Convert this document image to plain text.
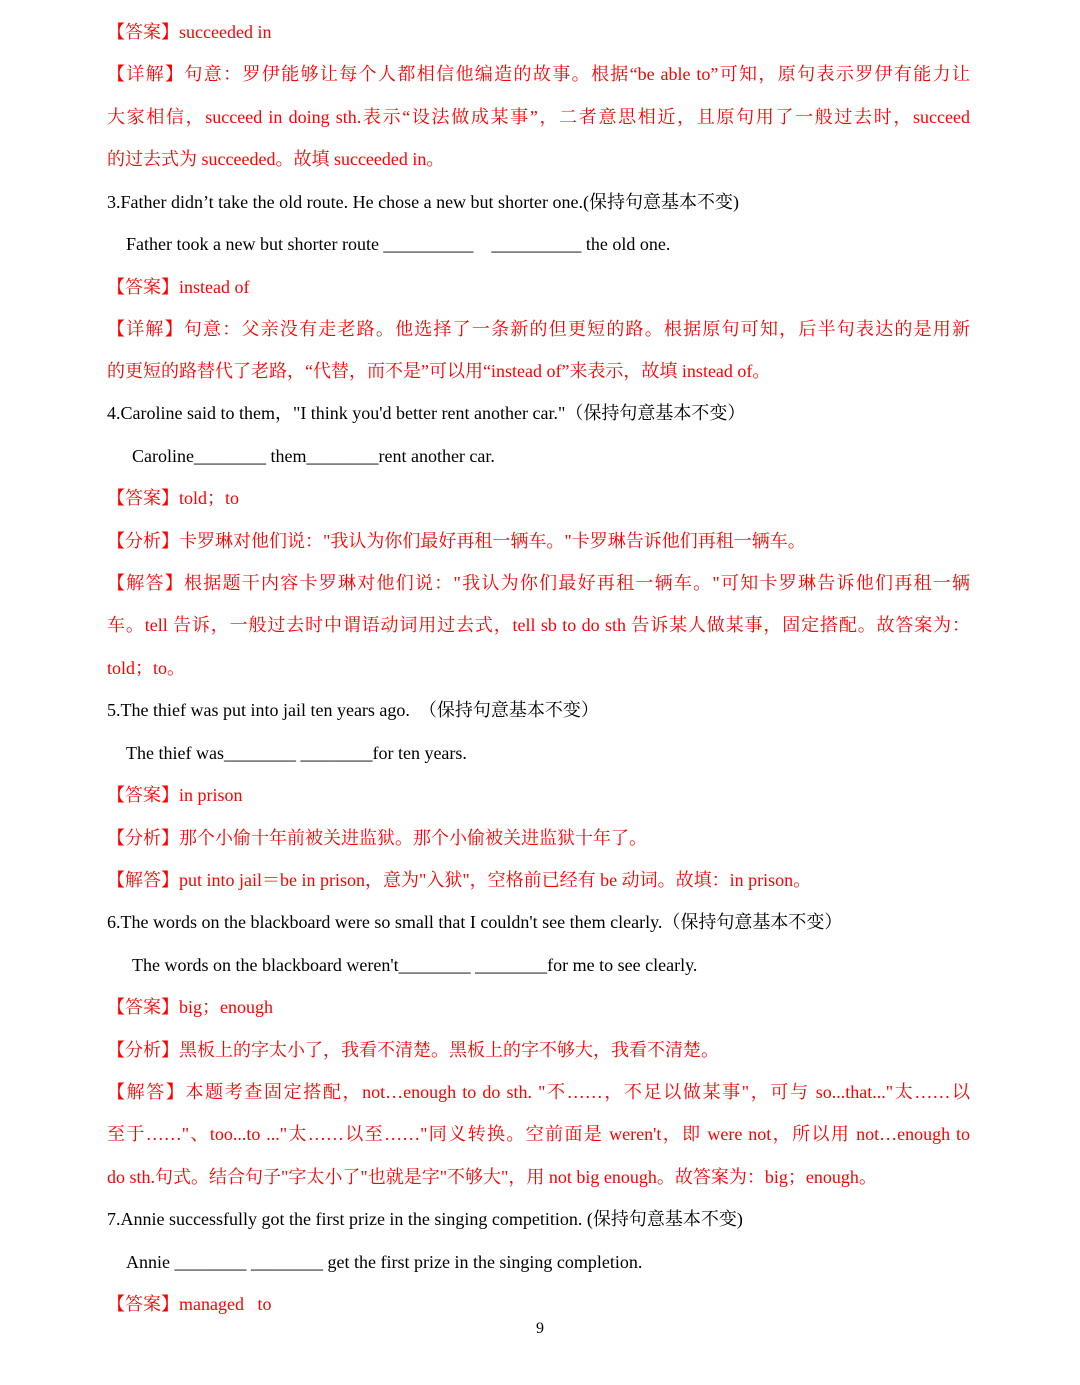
【答案】succeeded in
【详解】句意：罗伊能够让每个人都相信他编造的故事。根据“be able to”可知，原句表示罗伊有能力让
大家相信，succeed in doing sth.表示“设法做成某事”，二者意思相近，且原句用了一般过去时，succeed
的过去式为 succeeded。故填 succeeded in。
3.Father didn’t take the old route. He chose a new but shorter one.(保持句意基本不变)
Father took a new but shorter route __________    __________ the old one.
【答案】instead of
【详解】句意：父亲没有走老路。他选择了一条新的但更短的路。根据原句可知，后半句表达的是用新
的更短的路替代了老路，“代替，而不是”可以用“instead of”来表示，故填 instead of。
4.Caroline said to them，"I think you'd better rent another car."（保持句意基本不变）
Caroline________ them________rent another car.
【答案】told；to
【分析】卡罗琳对他们说："我认为你们最好再租一辆车。"卡罗琳告诉他们再租一辆车。
【解答】根据题干内容卡罗琳对他们说："我认为你们最好再租一辆车。"可知卡罗琳告诉他们再租一辆
车。tell 告诉，一般过去时中谓语动词用过去式，tell sb to do sth 告诉某人做某事，固定搭配。故答案为：
told；to。
5.The thief was put into jail ten years ago.  （保持句意基本不变）
The thief was________ ________for ten years.
【答案】in prison
【分析】那个小偷十年前被关进监狱。那个小偷被关进监狱十年了。
【解答】put into jail＝be in prison，意为"入狱"，空格前已经有 be 动词。故填：in prison。
6.The words on the blackboard were so small that I couldn't see them clearly.（保持句意基本不变）
The words on the blackboard weren't________ ________for me to see clearly.
【答案】big；enough
【分析】黑板上的字太小了，我看不清楚。黑板上的字不够大，我看不清楚。
【解答】本题考查固定搭配，not…enough to do sth. "不……，不足以做某事"，可与 so...that..."太……以
至于……"、too...to ..."太……以至……"同义转换。空前面是 weren't，即 were not，所以用 not…enough to
do sth.句式。结合句子"字太小了"也就是字"不够大"，用 not big enough。故答案为：big；enough。
7.Annie successfully got the first prize in the singing competition. (保持句意基本不变)
Annie ________ ________ get the first prize in the singing completion.
【答案】managed   to
9
